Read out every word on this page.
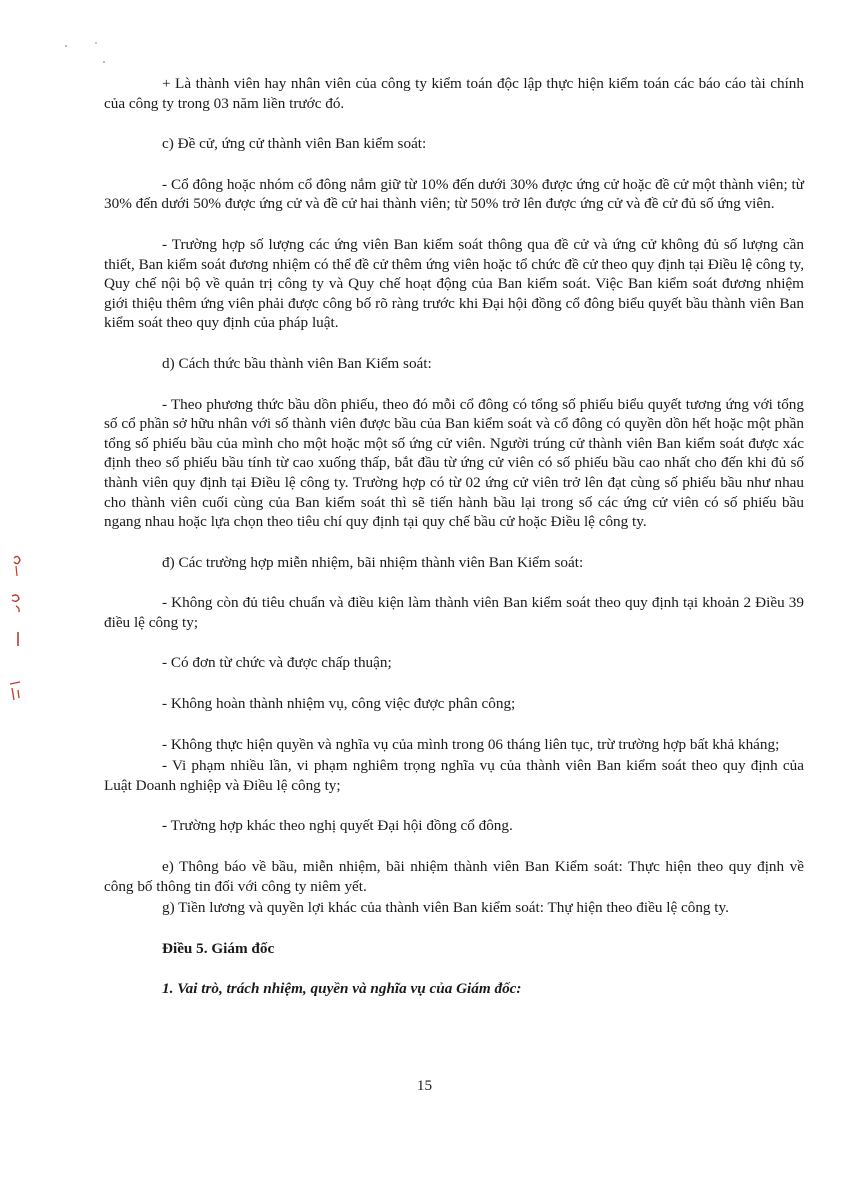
+ Là thành viên hay nhân viên của công ty kiểm toán độc lập thực hiện kiểm toán các báo cáo tài chính của công ty trong 03 năm liền trước đó.

c) Đề cử, ứng cử thành viên Ban kiểm soát:

- Cổ đông hoặc nhóm cổ đông nắm giữ từ 10% đến dưới 30% được ứng cử hoặc đề cử một thành viên; từ 30% đến dưới 50% được ứng cử và đề cử hai thành viên; từ 50% trở lên được ứng cử và đề cử đủ số ứng viên.

- Trường hợp số lượng các ứng viên Ban kiểm soát thông qua đề cử và ứng cử không đủ số lượng cần thiết, Ban kiểm soát đương nhiệm có thể đề cử thêm ứng viên hoặc tổ chức đề cử theo quy định tại Điều lệ công ty, Quy chế nội bộ về quản trị công ty và Quy chế hoạt động của Ban kiểm soát. Việc Ban kiểm soát đương nhiệm giới thiệu thêm ứng viên phải được công bố rõ ràng trước khi Đại hội đồng cổ đông biểu quyết bầu thành viên Ban kiểm soát theo quy định của pháp luật.

d) Cách thức bầu thành viên Ban Kiểm soát:

- Theo phương thức bầu dồn phiếu, theo đó mỗi cổ đông có tổng số phiếu biểu quyết tương ứng với tổng số cổ phần sở hữu nhân với số thành viên được bầu của Ban kiểm soát và cổ đông có quyền dồn hết hoặc một phần tổng số phiếu bầu của mình cho một hoặc một số ứng cử viên. Người trúng cử thành viên Ban kiểm soát được xác định theo số phiếu bầu tính từ cao xuống thấp, bắt đầu từ ứng cử viên có số phiếu bầu cao nhất cho đến khi đủ số thành viên quy định tại Điều lệ công ty. Trường hợp có từ 02 ứng cử viên trở lên đạt cùng số phiếu bầu như nhau cho thành viên cuối cùng của Ban kiểm soát thì sẽ tiến hành bầu lại trong số các ứng cử viên có số phiếu bầu ngang nhau hoặc lựa chọn theo tiêu chí quy định tại quy chế bầu cử hoặc Điều lệ công ty.

đ) Các trường hợp miễn nhiệm, bãi nhiệm thành viên Ban Kiểm soát:

- Không còn đủ tiêu chuẩn và điều kiện làm thành viên Ban kiểm soát theo quy định tại khoản 2 Điều 39 điều lệ công ty;

- Có đơn từ chức và được chấp thuận;

- Không hoàn thành nhiệm vụ, công việc được phân công;

- Không thực hiện quyền và nghĩa vụ của mình trong 06 tháng liên tục, trừ trường hợp bất khả kháng;

- Vi phạm nhiều lần, vi phạm nghiêm trọng nghĩa vụ của thành viên Ban kiểm soát theo quy định của Luật Doanh nghiệp và Điều lệ công ty;

- Trường hợp khác theo nghị quyết Đại hội đồng cổ đông.

e) Thông báo về bầu, miễn nhiệm, bãi nhiệm thành viên Ban Kiểm soát: Thực hiện theo quy định về công bố thông tin đối với công ty niêm yết.

g) Tiền lương và quyền lợi khác của thành viên Ban kiểm soát: Thự hiện theo điều lệ công ty.

Điều 5. Giám đốc

1. Vai trò, trách nhiệm, quyền và nghĩa vụ của Giám đốc:

15
